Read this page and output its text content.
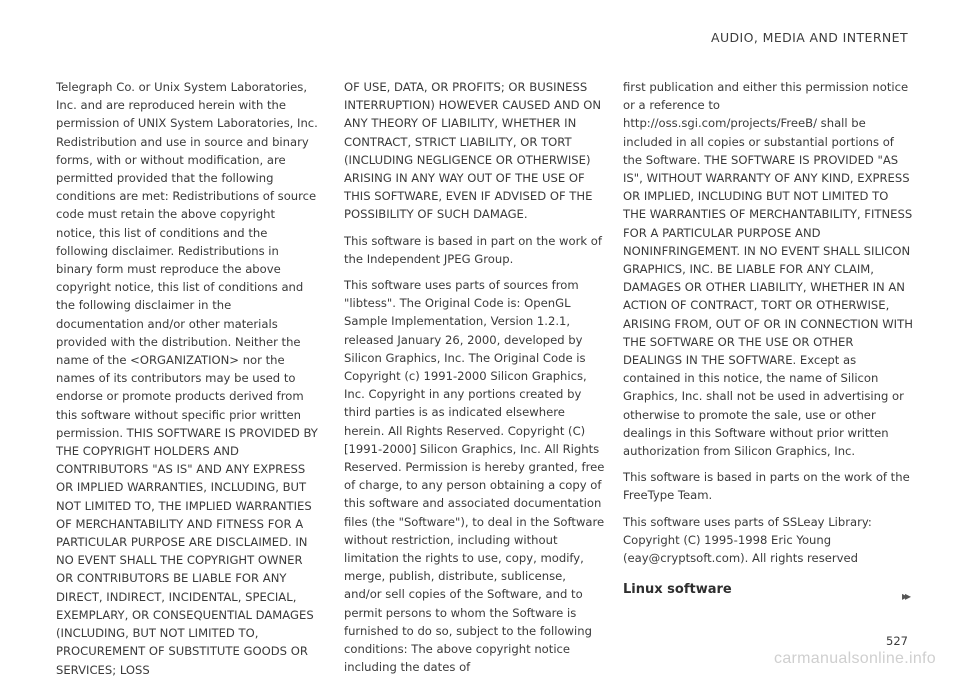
AUDIO, MEDIA AND INTERNET

Telegraph Co. or Unix System Laboratories, Inc. and are reproduced herein with the permission of UNIX System Laboratories, Inc. Redistribution and use in source and binary forms, with or without modification, are permitted provided that the following conditions are met: Redistributions of source code must retain the above copyright notice, this list of conditions and the following disclaimer. Redistributions in binary form must reproduce the above copyright notice, this list of conditions and the following disclaimer in the documentation and/or other materials provided with the distribution. Neither the name of the <ORGANIZATION> nor the names of its contributors may be used to endorse or promote products derived from this software without specific prior written permission. THIS SOFTWARE IS PROVIDED BY THE COPYRIGHT HOLDERS AND CONTRIBUTORS "AS IS" AND ANY EXPRESS OR IMPLIED WARRANTIES, INCLUDING, BUT NOT LIMITED TO, THE IMPLIED WARRANTIES OF MERCHANTABILITY AND FITNESS FOR A PARTICULAR PURPOSE ARE DISCLAIMED. IN NO EVENT SHALL THE COPYRIGHT OWNER OR CONTRIBUTORS BE LIABLE FOR ANY DIRECT, INDIRECT, INCIDENTAL, SPECIAL, EXEMPLARY, OR CONSEQUENTIAL DAMAGES (INCLUDING, BUT NOT LIMITED TO, PROCUREMENT OF SUBSTITUTE GOODS OR SERVICES; LOSS

OF USE, DATA, OR PROFITS; OR BUSINESS INTERRUPTION) HOWEVER CAUSED AND ON ANY THEORY OF LIABILITY, WHETHER IN CONTRACT, STRICT LIABILITY, OR TORT (INCLUDING NEGLIGENCE OR OTHERWISE) ARISING IN ANY WAY OUT OF THE USE OF THIS SOFTWARE, EVEN IF ADVISED OF THE POSSIBILITY OF SUCH DAMAGE.

This software is based in part on the work of the Independent JPEG Group.

This software uses parts of sources from "libtess". The Original Code is: OpenGL Sample Implementation, Version 1.2.1, released January 26, 2000, developed by Silicon Graphics, Inc. The Original Code is Copyright (c) 1991-2000 Silicon Graphics, Inc. Copyright in any portions created by third parties is as indicated elsewhere herein. All Rights Reserved. Copyright (C) [1991-2000] Silicon Graphics, Inc. All Rights Reserved. Permission is hereby granted, free of charge, to any person obtaining a copy of this software and associated documentation files (the "Software"), to deal in the Software without restriction, including without limitation the rights to use, copy, modify, merge, publish, distribute, sublicense, and/or sell copies of the Software, and to permit persons to whom the Software is furnished to do so, subject to the following conditions: The above copyright notice including the dates of

first publication and either this permission notice or a reference to http://oss.sgi.com/projects/FreeB/ shall be included in all copies or substantial portions of the Software. THE SOFTWARE IS PROVIDED "AS IS", WITHOUT WARRANTY OF ANY KIND, EXPRESS OR IMPLIED, INCLUDING BUT NOT LIMITED TO THE WARRANTIES OF MERCHANTABILITY, FITNESS FOR A PARTICULAR PURPOSE AND NONINFRINGEMENT. IN NO EVENT SHALL SILICON GRAPHICS, INC. BE LIABLE FOR ANY CLAIM, DAMAGES OR OTHER LIABILITY, WHETHER IN AN ACTION OF CONTRACT, TORT OR OTHERWISE, ARISING FROM, OUT OF OR IN CONNECTION WITH THE SOFTWARE OR THE USE OR OTHER DEALINGS IN THE SOFTWARE. Except as contained in this notice, the name of Silicon Graphics, Inc. shall not be used in advertising or otherwise to promote the sale, use or other dealings in this Software without prior written authorization from Silicon Graphics, Inc.

This software is based in parts on the work of the FreeType Team.

This software uses parts of SSLeay Library: Copyright (C) 1995-1998 Eric Young (eay@cryptsoft.com). All rights reserved

Linux software	▸▸
527
carmanualsonline.info
